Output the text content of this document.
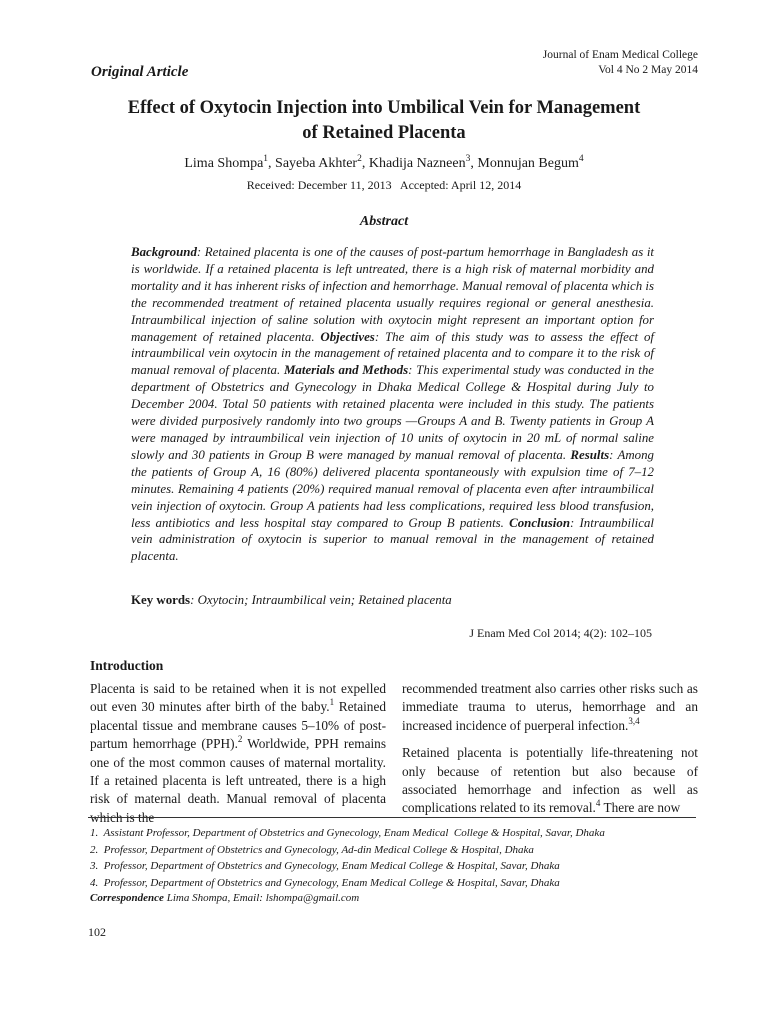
Journal of Enam Medical College
Vol 4 No 2 May 2014
Original Article
Effect of Oxytocin Injection into Umbilical Vein for Management
of Retained Placenta
Lima Shompa$^1$, Sayeba Akhter$^2$, Khadija Nazneen$^3$, Monnujan Begum$^4$
Received: December 11, 2013   Accepted: April 12, 2014
Abstract
Background: Retained placenta is one of the causes of post-partum hemorrhage in Bangladesh as it is worldwide. If a retained placenta is left untreated, there is a high risk of maternal morbidity and mortality and it has inherent risks of infection and hemorrhage. Manual removal of placenta which is the recommended treatment of retained placenta usually requires regional or general anesthesia. Intraumbilical injection of saline solution with oxytocin might represent an important option for management of retained placenta. Objectives: The aim of this study was to assess the effect of intraumbilical vein oxytocin in the management of retained placenta and to compare it to the risk of manual removal of placenta. Materials and Methods: This experimental study was conducted in the department of Obstetrics and Gynecology in Dhaka Medical College & Hospital during July to December 2004. Total 50 patients with retained placenta were included in this study. The patients were divided purposively randomly into two groups —Groups A and B. Twenty patients in Group A were managed by intraumbilical vein injection of 10 units of oxytocin in 20 mL of normal saline slowly and 30 patients in Group B were managed by manual removal of placenta. Results: Among the patients of Group A, 16 (80%) delivered placenta spontaneously with expulsion time of 7–12 minutes. Remaining 4 patients (20%) required manual removal of placenta even after intraumbilical vein injection of oxytocin. Group A patients had less complications, required less blood transfusion, less antibiotics and less hospital stay compared to Group B patients. Conclusion: Intraumbilical vein administration of oxytocin is superior to manual removal in the management of retained placenta.
Key words: Oxytocin; Intraumbilical vein; Retained placenta
J Enam Med Col 2014; 4(2): 102–105
Introduction

Placenta is said to be retained when it is not expelled out even 30 minutes after birth of the baby.$^1$ Retained placental tissue and membrane causes 5–10% of post-partum hemorrhage (PPH).$^2$ Worldwide, PPH remains one of the most common causes of maternal mortality. If a retained placenta is left untreated, there is a high risk of maternal death. Manual removal of placenta which is the

recommended treatment also carries other risks such as immediate trauma to uterus, hemorrhage and an increased incidence of puerperal infection.$^{3,4}$

Retained placenta is potentially life-threatening not only because of retention but also because of associated hemorrhage and infection as well as complications related to its removal.$^4$ There are now

1.  Assistant Professor, Department of Obstetrics and Gynecology, Enam Medical  College & Hospital, Savar, Dhaka
2.  Professor, Department of Obstetrics and Gynecology, Ad-din Medical College & Hospital, Dhaka
3.  Professor, Department of Obstetrics and Gynecology, Enam Medical College & Hospital, Savar, Dhaka
4.  Professor, Department of Obstetrics and Gynecology, Enam Medical College & Hospital, Savar, Dhaka
Correspondence Lima Shompa, Email: lshompa@gmail.com
102
